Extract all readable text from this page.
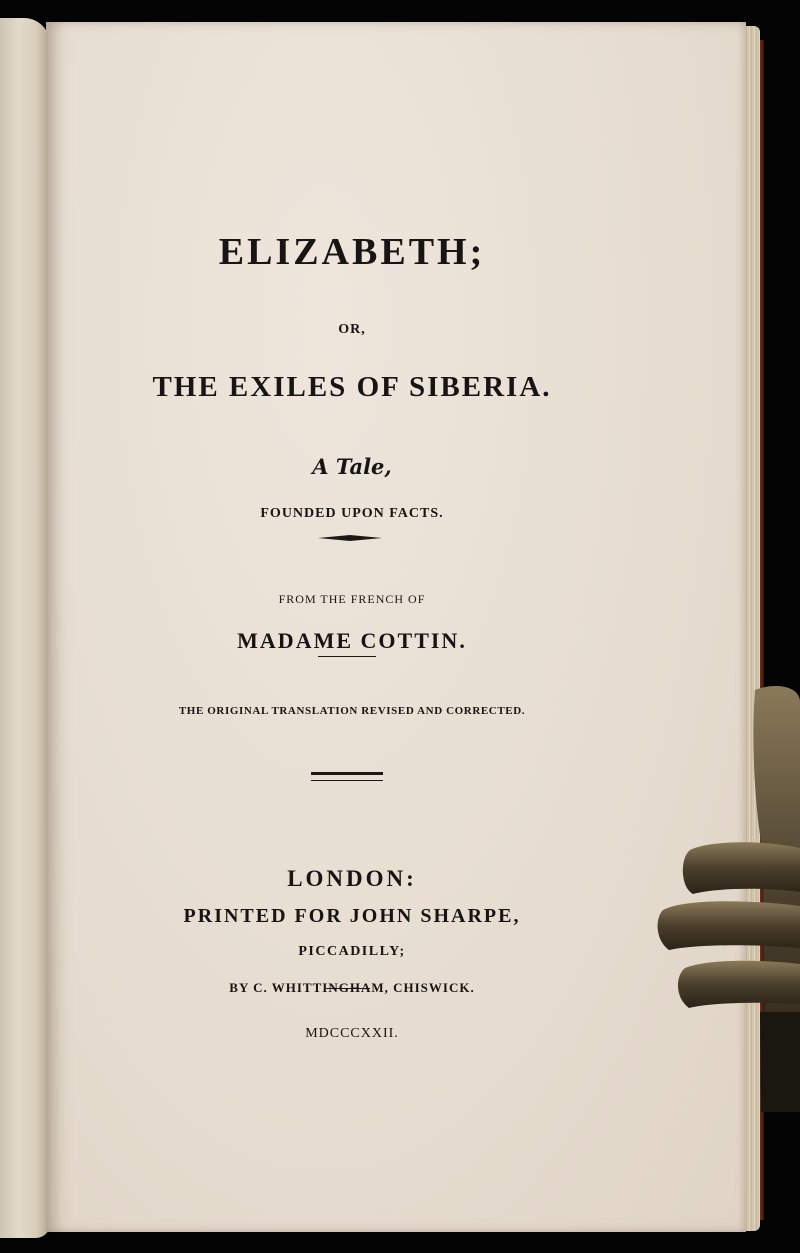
ELIZABETH;
OR,
THE EXILES OF SIBERIA.
A Tale,
FOUNDED UPON FACTS.
FROM THE FRENCH OF
MADAME COTTIN.
THE ORIGINAL TRANSLATION REVISED AND CORRECTED.
LONDON:
PRINTED FOR JOHN SHARPE,
PICCADILLY;
BY C. WHITTINGHAM, CHISWICK.
MDCCCXXII.
